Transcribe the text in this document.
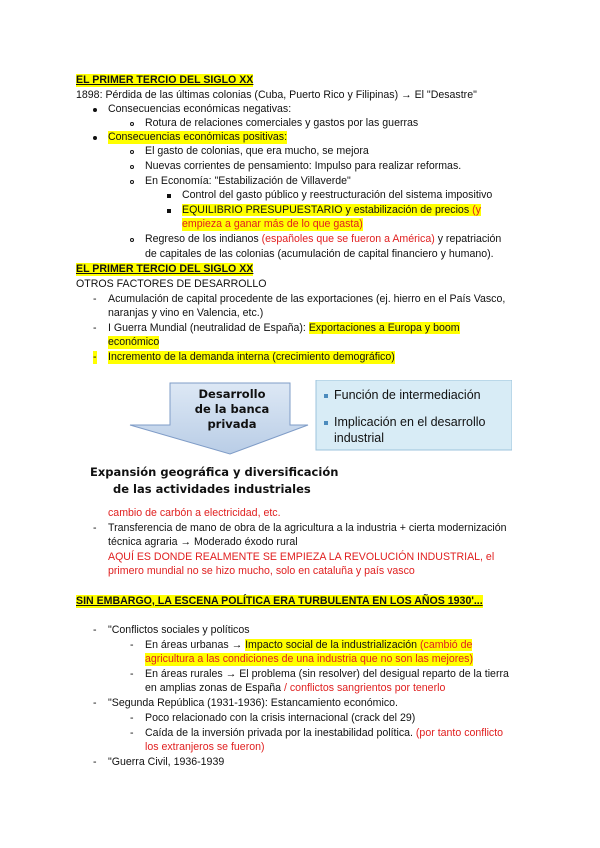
EL PRIMER TERCIO DEL SIGLO XX
1898: Pérdida de las últimas colonias (Cuba, Puerto Rico y Filipinas) → El "Desastre"
Consecuencias económicas negativas:
Rotura de relaciones comerciales y gastos por las guerras
Consecuencias económicas positivas:
El gasto de colonias, que era mucho, se mejora
Nuevas corrientes de pensamiento: Impulso para realizar reformas.
En Economía: "Estabilización de Villaverde"
Control del gasto público y reestructuración del sistema impositivo
EQUILIBRIO PRESUPUESTARIO y estabilización de precios (y
empieza a ganar más de lo que gasta)
Regreso de los indianos (españoles que se fueron a América) y repatriación
de capitales de las colonias (acumulación de capital financiero y humano).
EL PRIMER TERCIO DEL SIGLO XX
OTROS FACTORES DE DESARROLLO
- Acumulación de capital procedente de las exportaciones (ej. hierro en el País Vasco,
naranjas y vino en Valencia, etc.)
- I Guerra Mundial (neutralidad de España): Exportaciones a Europa y boom
económico
- Incremento de la demanda interna (crecimiento demográfico)
Desarrollo
de la banca
privada
Función de intermediación
Implicación en el desarrollo
industrial
Expansión geográfica y diversificación
de las actividades industriales
cambio de carbón a electricidad, etc.
- Transferencia de mano de obra de la agricultura a la industria + cierta modernización
técnica agraria → Moderado éxodo rural
AQUÍ ES DONDE REALMENTE SE EMPIEZA LA REVOLUCIÓN INDUSTRIAL, el
primero mundial no se hizo mucho, solo en cataluña y país vasco
SIN EMBARGO, LA ESCENA POLÍTICA ERA TURBULENTA EN LOS AÑOS 1930'...
- "Conflictos sociales y políticos
- En áreas urbanas → Impacto social de la industrialización (cambió de
agricultura a las condiciones de una industria que no son las mejores)
- En áreas rurales → El problema (sin resolver) del desigual reparto de la tierra
en amplias zonas de España / conflictos sangrientos por tenerlo
- "Segunda República (1931-1936): Estancamiento económico.
- Poco relacionado con la crisis internacional (crack del 29)
- Caída de la inversión privada por la inestabilidad política. (por tanto conflicto
los extranjeros se fueron)
- "Guerra Civil, 1936-1939
